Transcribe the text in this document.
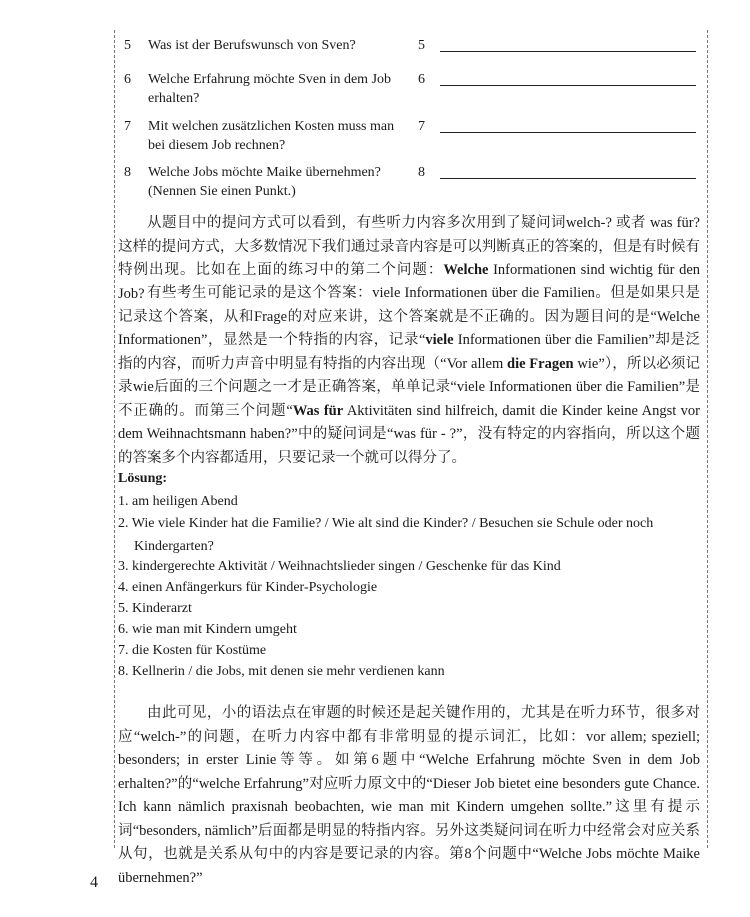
5 Was ist der Berufswunsch von Sven?	5
6 Welche Erfahrung möchte Sven in dem Job erhalten?
6
7 Mit welchen zusätzlichen Kosten muss man bei diesem Job rechnen?
7
8 Welche Jobs möchte Maike übernehmen? (Nennen Sie einen Punkt.)
8
从题目中的提问方式可以看到，有些听力内容多次用到了疑问词welch-? 或者 was für? 这样的提问方式，大多数情况下我们通过录音内容是可以判断真正的答案的，但是有时候有特例出现。比如在上面的练习中的第二个问题：Welche Informationen sind wichtig für den Job? 有些考生可能记录的是这个答案：viele Informationen über die Familien。但是如果只是记录这个答案，从和Frage的对应来讲，这个答案就是不正确的。因为题目问的是“Welche Informationen”，显然是一个特指的内容，记录“viele Informationen über die Familien”却是泛指的内容，而听力声音中明显有特指的内容出现（“Vor allem die Fragen wie”），所以必须记录wie后面的三个问题之一才是正确答案，单单记录“viele Informationen über die Familien”是不正确的。而第三个问题“Was für Aktivitäten sind hilfreich, damit die Kinder keine Angst vor dem Weihnachtsmann haben?”中的疑问词是“was für - ?”，没有特定的内容指向，所以这个题的答案多个内容都适用，只要记录一个就可以得分了。
Lösung:
1. am heiligen Abend
2. Wie viele Kinder hat die Familie? / Wie alt sind die Kinder? / Besuchen sie Schule oder noch
Kindergarten?
3. kindergerechte Aktivität / Weihnachtslieder singen / Geschenke für das Kind
4. einen Anfängerkurs für Kinder-Psychologie
5. Kinderarzt
6. wie man mit Kindern umgeht
7. die Kosten für Kostüme
8. Kellnerin / die Jobs, mit denen sie mehr verdienen kann
由此可见，小的语法点在审题的时候还是起关键作用的，尤其是在听力环节，很多对应“welch-”的问题，在听力内容中都有非常明显的提示词汇，比如：vor allem; speziell; besonders; in erster Linie等等。如第6题中“Welche Erfahrung möchte Sven in dem Job erhalten?”的“welche Erfahrung”对应听力原文中的“Dieser Job bietet eine besonders gute Chance. Ich kann nämlich praxisnah beobachten, wie man mit Kindern umgehen sollte.”这里有提示词“besonders, nämlich”后面都是明显的特指内容。另外这类疑问词在听力中经常会对应关系从句，也就是关系从句中的内容是要记录的内容。第8个问题中“Welche Jobs möchte Maike übernehmen?”
4
